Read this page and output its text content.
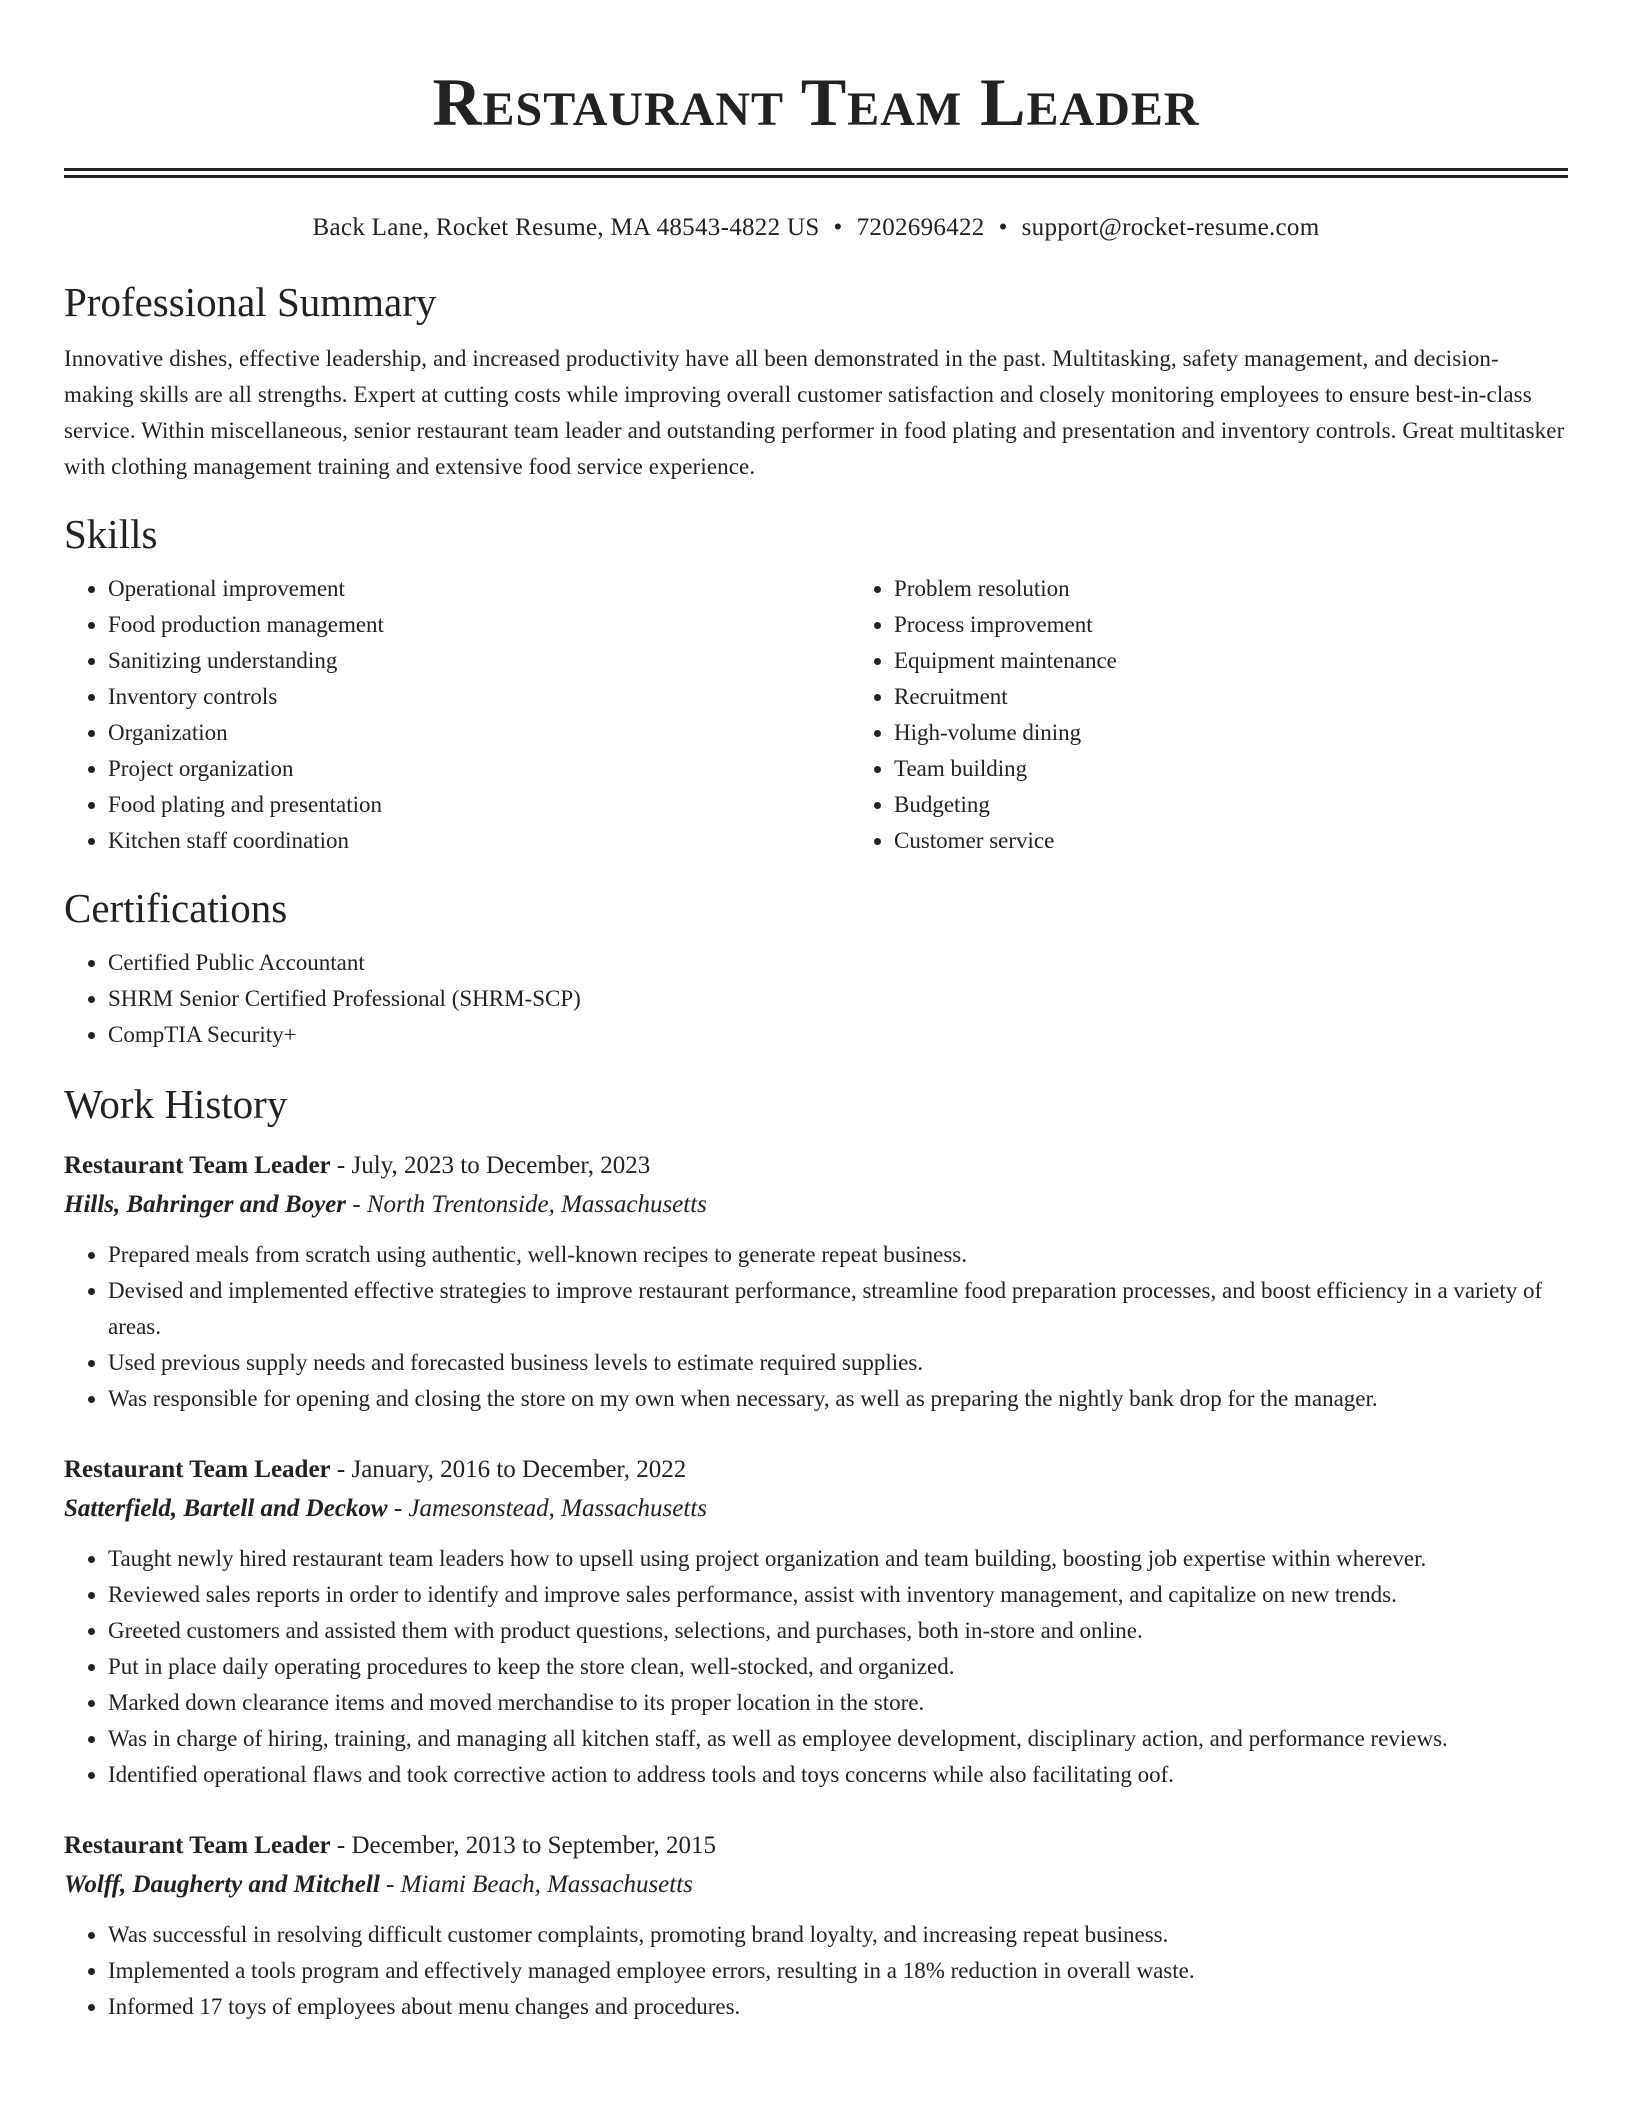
Restaurant Team Leader
Back Lane, Rocket Resume, MA 48543-4822 US • 7202696422 • support@rocket-resume.com
Professional Summary

Innovative dishes, effective leadership, and increased productivity have all been demonstrated in the past. Multitasking, safety management, and decision-making skills are all strengths. Expert at cutting costs while improving overall customer satisfaction and closely monitoring employees to ensure best-in-class service. Within miscellaneous, senior restaurant team leader and outstanding performer in food plating and presentation and inventory controls. Great multitasker with clothing management training and extensive food service experience.

Skills
• Operational improvement
• Food production management
• Sanitizing understanding
• Inventory controls
• Organization
• Project organization
• Food plating and presentation
• Kitchen staff coordination
• Problem resolution
• Process improvement
• Equipment maintenance
• Recruitment
• High-volume dining
• Team building
• Budgeting
• Customer service
Certifications
• Certified Public Accountant
• SHRM Senior Certified Professional (SHRM-SCP)
• CompTIA Security+
Work History
Restaurant Team Leader - July, 2023 to December, 2023
Hills, Bahringer and Boyer - North Trentonside, Massachusetts
• Prepared meals from scratch using authentic, well-known recipes to generate repeat business.
• Devised and implemented effective strategies to improve restaurant performance, streamline food preparation processes, and boost efficiency in a variety of areas.
• Used previous supply needs and forecasted business levels to estimate required supplies.
• Was responsible for opening and closing the store on my own when necessary, as well as preparing the nightly bank drop for the manager.
Restaurant Team Leader - January, 2016 to December, 2022
Satterfield, Bartell and Deckow - Jamesonstead, Massachusetts
• Taught newly hired restaurant team leaders how to upsell using project organization and team building, boosting job expertise within wherever.
• Reviewed sales reports in order to identify and improve sales performance, assist with inventory management, and capitalize on new trends.
• Greeted customers and assisted them with product questions, selections, and purchases, both in-store and online.
• Put in place daily operating procedures to keep the store clean, well-stocked, and organized.
• Marked down clearance items and moved merchandise to its proper location in the store.
• Was in charge of hiring, training, and managing all kitchen staff, as well as employee development, disciplinary action, and performance reviews.
• Identified operational flaws and took corrective action to address tools and toys concerns while also facilitating oof.
Restaurant Team Leader - December, 2013 to September, 2015
Wolff, Daugherty and Mitchell - Miami Beach, Massachusetts
• Was successful in resolving difficult customer complaints, promoting brand loyalty, and increasing repeat business.
• Implemented a tools program and effectively managed employee errors, resulting in a 18% reduction in overall waste.
• Informed 17 toys of employees about menu changes and procedures.
